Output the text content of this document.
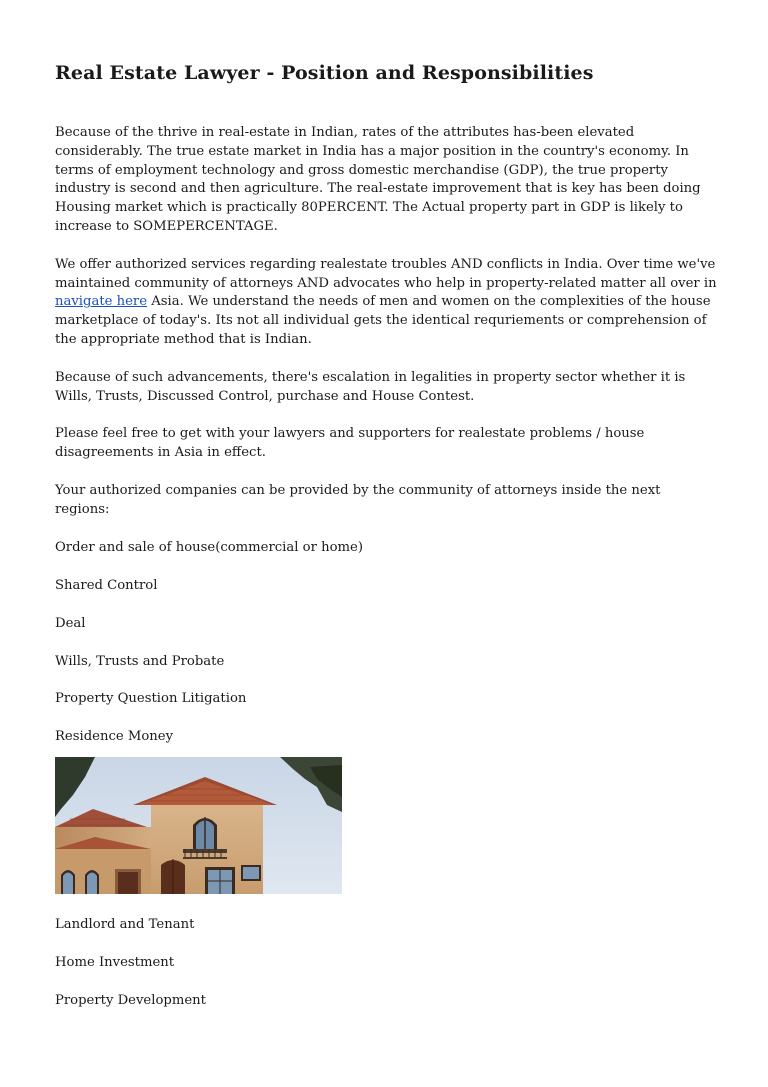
Real Estate Lawyer - Position and Responsibilities

Because of the thrive in real-estate in Indian, rates of the attributes has-been elevated considerably. The true estate market in India has a major position in the country's economy. In terms of employment technology and gross domestic merchandise (GDP), the true property industry is second and then agriculture. The real-estate improvement that is key has been doing Housing market which is practically 80PERCENT. The Actual property part in GDP is likely to increase to SOMEPERCENTAGE.

We offer authorized services regarding realestate troubles AND conflicts in India. Over time we've maintained community of attorneys AND advocates who help in property-related matter all over in navigate here Asia. We understand the needs of men and women on the complexities of the house marketplace of today's. Its not all individual gets the identical requriements or comprehension of the appropriate method that is Indian.

Because of such advancements, there's escalation in legalities in property sector whether it is Wills, Trusts, Discussed Control, purchase and House Contest.

Please feel free to get with your lawyers and supporters for realestate problems / house disagreements in Asia in effect.

Your authorized companies can be provided by the community of attorneys inside the next regions:

Order and sale of house(commercial or home)

Shared Control

Deal

Wills, Trusts and Probate

Property Question Litigation

Residence Money

Landlord and Tenant

Home Investment

Property Development
